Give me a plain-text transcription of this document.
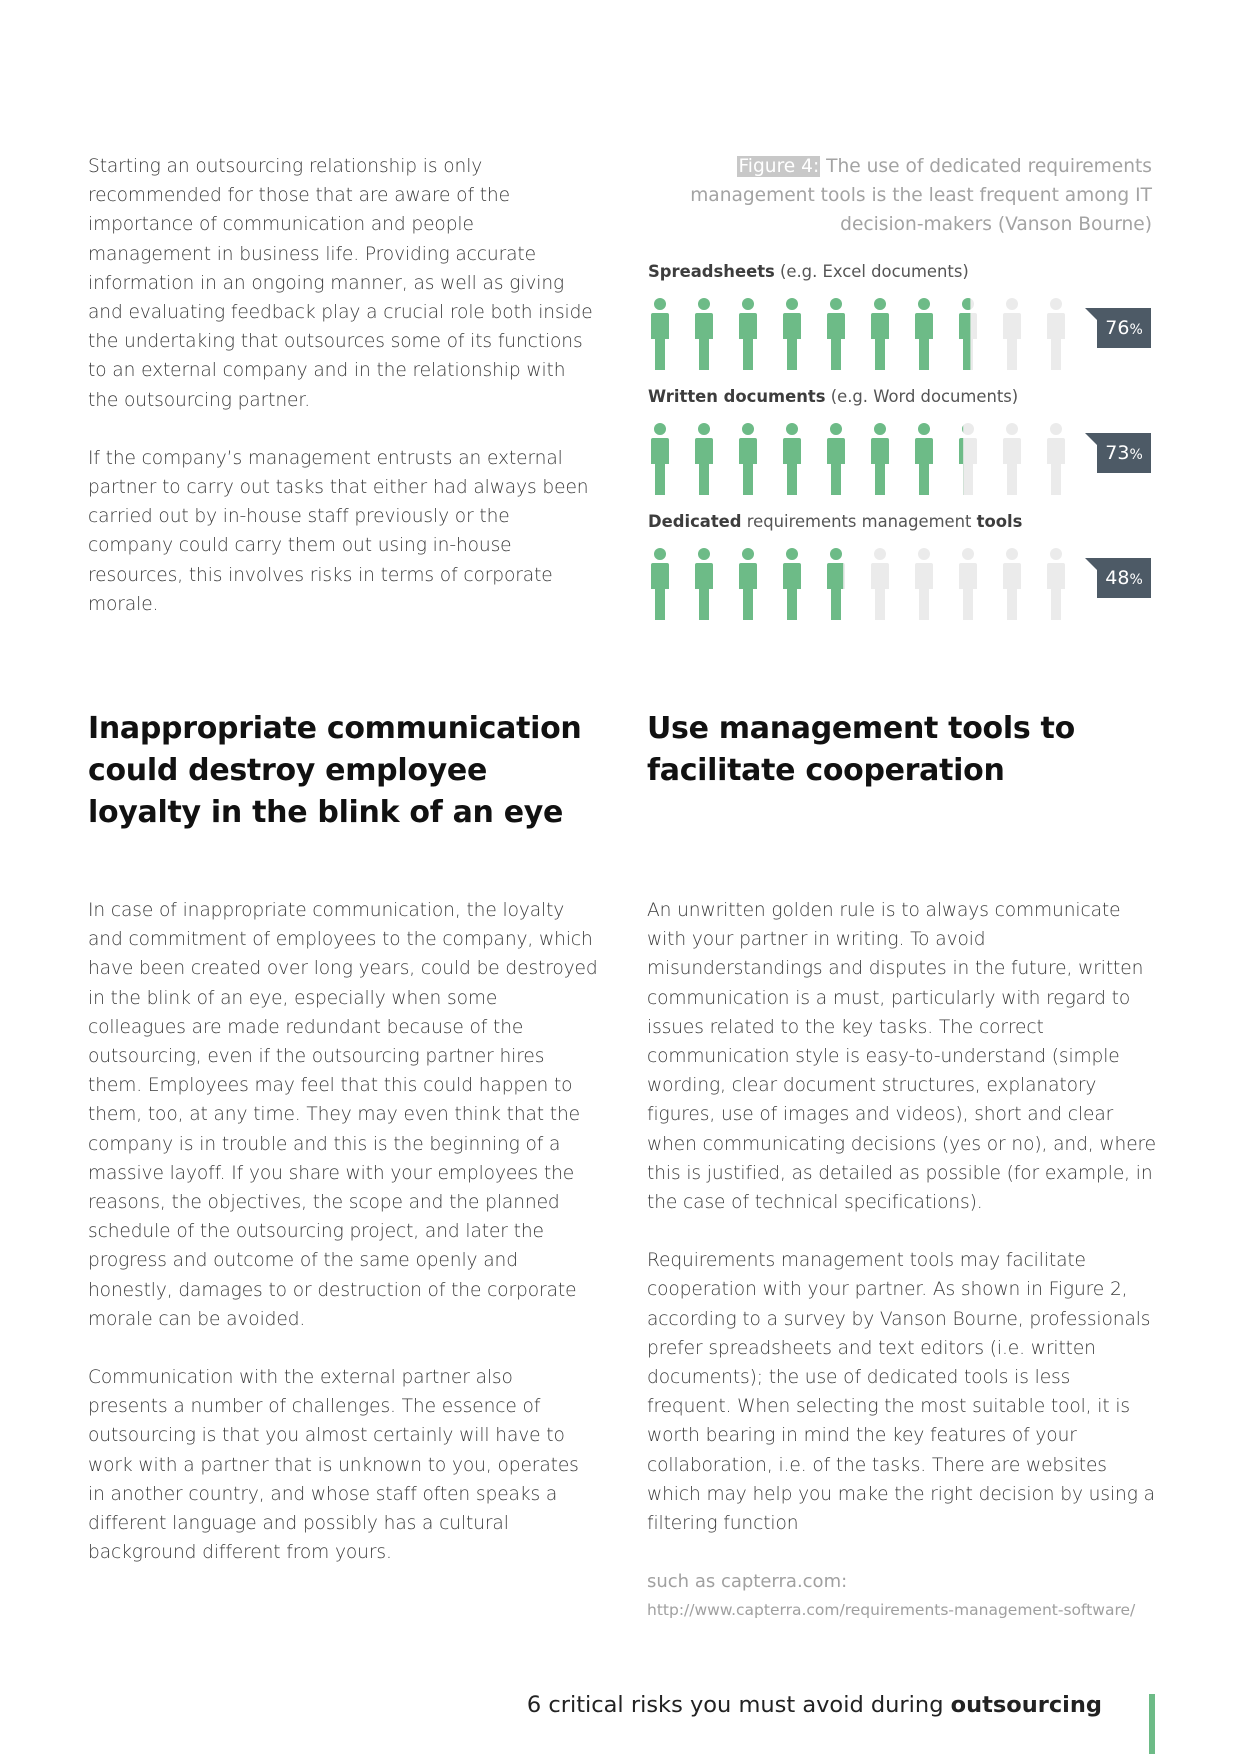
Starting an outsourcing relationship is only recommended for those that are aware of the importance of communication and people management in business life. Providing accurate information in an ongoing manner, as well as giving and evaluating feedback play a crucial role both inside the undertaking that outsources some of its functions to an external company and in the relationship with the outsourcing partner.

If the company’s management entrusts an external partner to carry out tasks that either had always been carried out by in-house staff previously or the company could carry them out using in-house resources, this involves risks in terms of corporate morale.

Figure 4: The use of dedicated requirements management tools is the least frequent among IT decision-makers (Vanson Bourne)
Spreadsheets (e.g. Excel documents)
76%
Written documents (e.g. Word documents)
73%
Dedicated requirements management tools
48%
Inappropriate communication could destroy employee loyalty in the blink of an eye

In case of inappropriate communication, the loyalty and commitment of employees to the company, which have been created over long years, could be destroyed in the blink of an eye, especially when some colleagues are made redundant because of the outsourcing, even if the outsourcing partner hires them. Employees may feel that this could happen to them, too, at any time. They may even think that the company is in trouble and this is the beginning of a massive layoff. If you share with your employees the reasons, the objectives, the scope and the planned schedule of the outsourcing project, and later the progress and outcome of the same openly and honestly, damages to or destruction of the corporate morale can be avoided.

Communication with the external partner also presents a number of challenges. The essence of outsourcing is that you almost certainly will have to work with a partner that is unknown to you, operates in another country, and whose staff often speaks a different language and possibly has a cultural background different from yours.

Use management tools to facilitate cooperation

An unwritten golden rule is to always communicate with your partner in writing. To avoid misunderstandings and disputes in the future, written communication is a must, particularly with regard to issues related to the key tasks. The correct communication style is easy-to-understand (simple wording, clear document structures, explanatory figures, use of images and videos), short and clear when communicating decisions (yes or no), and, where this is justified, as detailed as possible (for example, in the case of technical specifications).

Requirements management tools may facilitate cooperation with your partner. As shown in Figure 2, according to a survey by Vanson Bourne, professionals prefer spreadsheets and text editors (i.e. written documents); the use of dedicated tools is less frequent. When selecting the most suitable tool, it is worth bearing in mind the key features of your collaboration, i.e. of the tasks. There are websites which may help you make the right decision by using a filtering function

such as capterra.com:

http://www.capterra.com/requirements-management-software/

6 critical risks you must avoid during outsourcing
